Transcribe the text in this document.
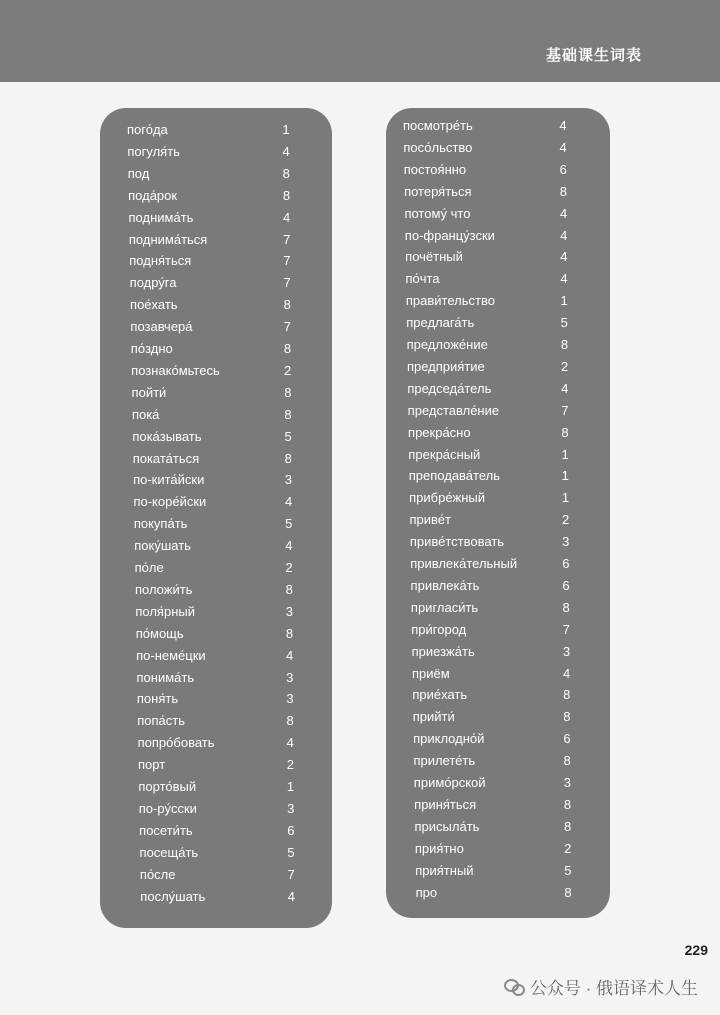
基础课生词表
пого́да	1
погуля́ть	4
под	8
пода́рок	8
поднима́ть	4
поднима́ться	7
подня́ться	7
подру́га	7
пое́хать	8
позавчера́	7
по́здно	8
познако́мьтесь	2
пойти́	8
пока́	8
пока́зывать	5
поката́ться	8
по-кита́йски	3
по-коре́йски	4
покупа́ть	5
поку́шать	4
по́ле	2
положи́ть	8
поля́рный	3
по́мощь	8
по-неме́цки	4
понима́ть	3
поня́ть	3
попа́сть	8
попро́бовать	4
порт	2
порто́вый	1
по-ру́сски	3
посети́ть	6
посеща́ть	5
по́сле	7
послу́шать	4
посмотре́ть	4
посо́льство	4
постоя́нно	6
потеря́ться	8
потому́ что	4
по-францу́зски	4
почётный	4
по́чта	4
прави́тельство	1
предлага́ть	5
предложе́ние	8
предприя́тие	2
председа́тель	4
представле́ние	7
прекра́сно	8
прекра́сный	1
преподава́тель	1
прибре́жный	1
приве́т	2
приве́тствовать	3
привлека́тельный	6
привлека́ть	6
пригласи́ть	8
при́город	7
приезжа́ть	3
приём	4
прие́хать	8
прийти́	8
приклодно́й	6
прилете́ть	8
примо́рской	3
приня́ться	8
присыла́ть	8
прия́тно	2
прия́тный	5
про	8
229
公众号 · 俄语译术人生
